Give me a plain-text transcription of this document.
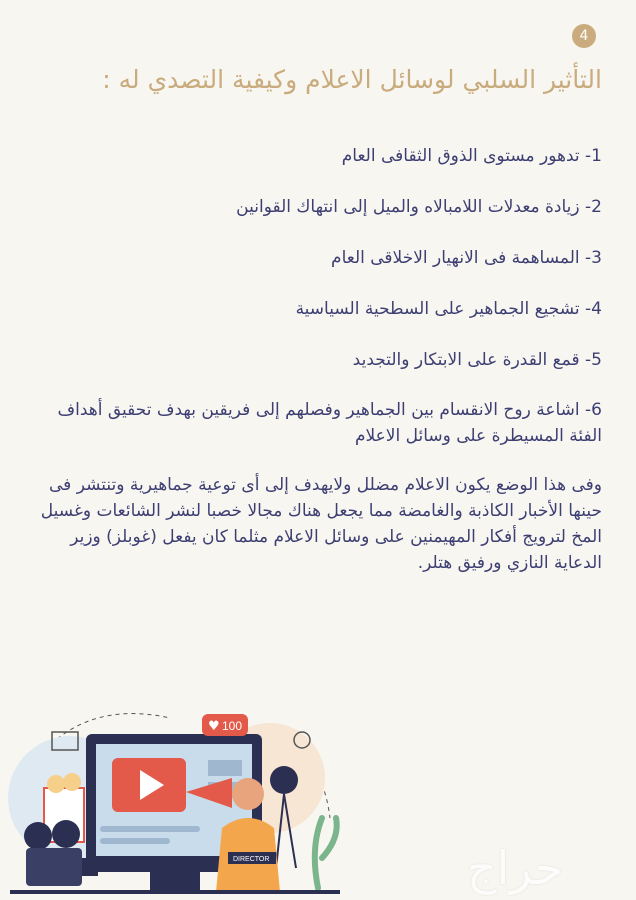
4
التأثير السلبي لوسائل الاعلام وكيفية التصدي له :
1- تدهور مستوى الذوق الثقافى العام
2- زيادة معدلات اللامبالاه والميل إلى انتهاك القوانين
3- المساهمة فى الانهيار الاخلاقى العام
4- تشجيع الجماهير على السطحية السياسية
5- قمع القدرة على الابتكار والتجديد
6- اشاعة روح الانقسام بين الجماهير وفصلهم إلى فريقين بهدف تحقيق أهداف الفئة المسيطرة على وسائل الاعلام
وفى هذا الوضع يكون الاعلام مضلل ولايهدف إلى أى توعية جماهيرية وتنتشر فى حينها الأخبار الكاذبة والغامضة مما يجعل هناك مجالا خصبا لنشر الشائعات وغسيل المخ لترويج أفكار المهيمنين على وسائل الاعلام مثلما كان يفعل (غوبلز) وزير الدعاية النازي ورفيق هتلر.
♥ 100
DIRECTOR	حراج
